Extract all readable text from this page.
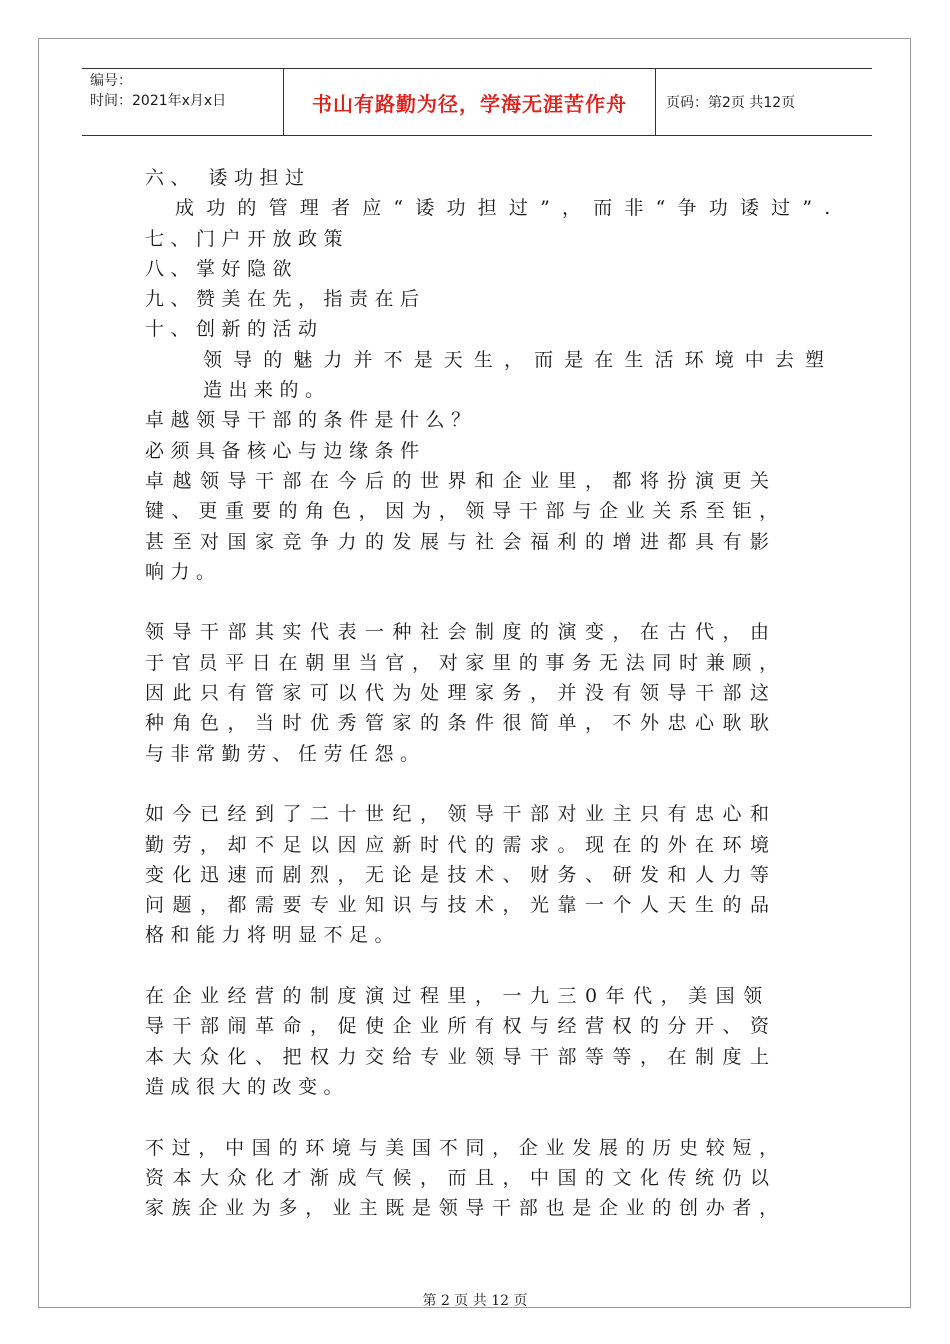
编号：
时间：2021年x月x日	书山有路勤为径，学海无涯苦作舟	页码：第2页 共12页
六、 诿功担过
成功的管理者应“诿功担过”，而非“争功诿过”.
七、门户开放政策
八、掌好隐欲
九、赞美在先，指责在后
十、创新的活动
领导的魅力并不是天生，而是在生活环境中去塑
造出来的。
卓越领导干部的条件是什么？
必须具备核心与边缘条件
卓越领导干部在今后的世界和企业里，都将扮演更关
键、更重要的角色，因为，领导干部与企业关系至钜，
甚至对国家竞争力的发展与社会福利的增进都具有影
响力。
领导干部其实代表一种社会制度的演变，在古代，由
于官员平日在朝里当官，对家里的事务无法同时兼顾，
因此只有管家可以代为处理家务，并没有领导干部这
种角色，当时优秀管家的条件很简单，不外忠心耿耿
与非常勤劳、任劳任怨。
如今已经到了二十世纪，领导干部对业主只有忠心和
勤劳，却不足以因应新时代的需求。现在的外在环境
变化迅速而剧烈，无论是技术、财务、研发和人力等
问题，都需要专业知识与技术，光靠一个人天生的品
格和能力将明显不足。
在企业经营的制度演过程里，一九三0年代，美国领
导干部闹革命，促使企业所有权与经营权的分开、资
本大众化、把权力交给专业领导干部等等，在制度上
造成很大的改变。
不过，中国的环境与美国不同，企业发展的历史较短，
资本大众化才渐成气候，而且，中国的文化传统仍以
家族企业为多，业主既是领导干部也是企业的创办者，
第 2 页 共 12 页
